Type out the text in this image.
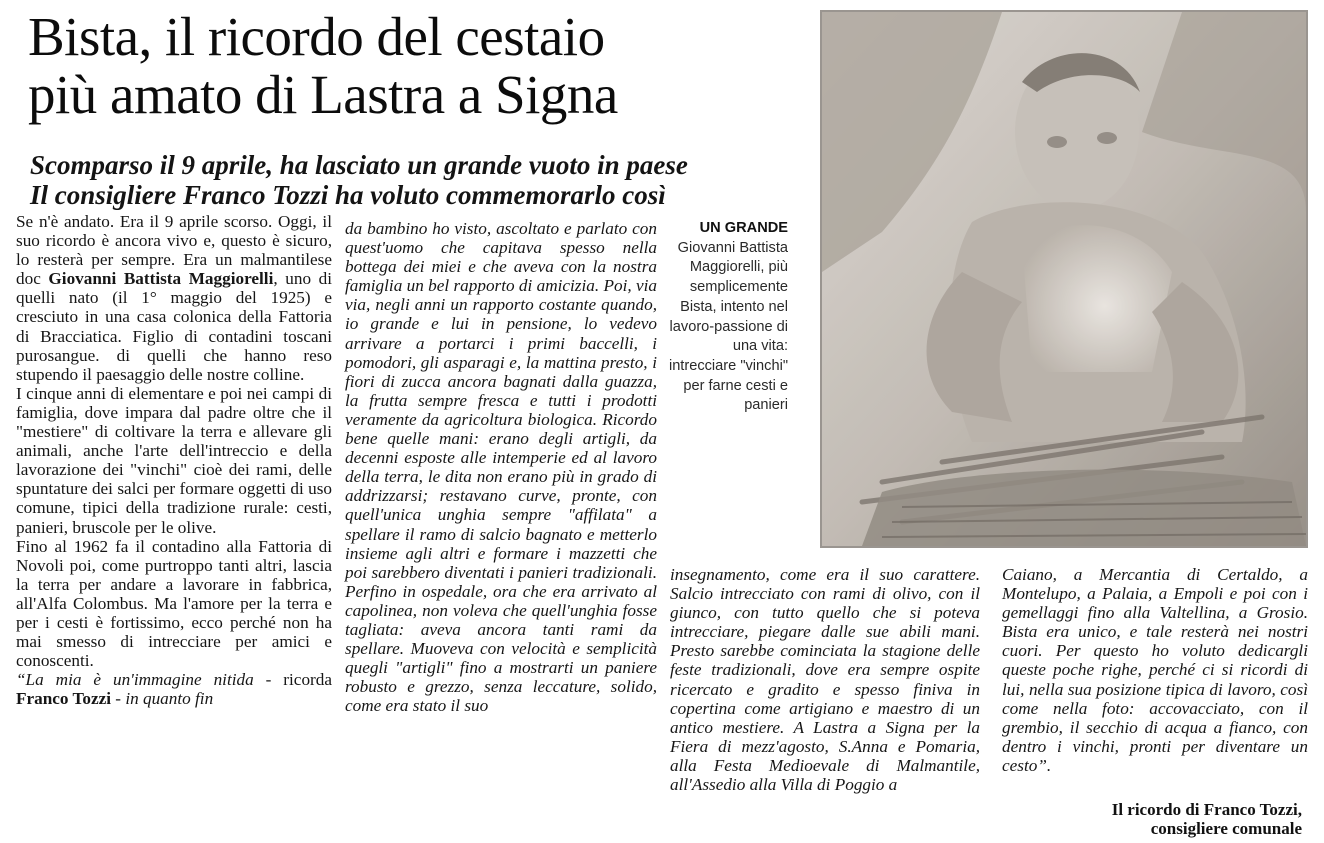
Bista, il ricordo del cestaio
più amato di Lastra a Signa
Scomparso il 9 aprile, ha lasciato un grande vuoto in paese
Il consigliere Franco Tozzi ha voluto commemorarlo così

Se n'è andato. Era il 9 aprile scorso. Oggi, il suo ricordo è ancora vivo e, questo è sicuro, lo resterà per sempre. Era un malmantilese doc Giovanni Battista Maggiorelli, uno di quelli nato (il 1° maggio del 1925) e cresciuto in una casa colonica della Fattoria di Bracciatica. Figlio di contadini toscani purosangue. di quelli che hanno reso stupendo il paesaggio delle nostre colline.

I cinque anni di elementare e poi nei campi di famiglia, dove impara dal padre oltre che il "mestiere" di coltivare la terra e allevare gli animali, anche l'arte dell'intreccio e della lavorazione dei "vinchi" cioè dei rami, delle spuntature dei salci per formare oggetti di uso comune, tipici della tradizione rurale: cesti, panieri, bruscole per le olive.

Fino al 1962 fa il contadino alla Fattoria di Novoli poi, come purtroppo tanti altri, lascia la terra per andare a lavorare in fabbrica, all'Alfa Colombus. Ma l'amore per la terra e per i cesti è fortissimo, ecco perché non ha mai smesso di intrecciare per amici e conoscenti.

“La mia è un'immagine nitida - ricorda Franco Tozzi - in quanto fin

da bambino ho visto, ascoltato e parlato con quest'uomo che capitava spesso nella bottega dei miei e che aveva con la nostra famiglia un bel rapporto di amicizia. Poi, via via, negli anni un rapporto costante quando, io grande e lui in pensione, lo vedevo arrivare a portarci i primi baccelli, i pomodori, gli asparagi e, la mattina presto, i fiori di zucca ancora bagnati dalla guazza, la frutta sempre fresca e tutti i prodotti veramente da agricoltura biologica. Ricordo bene quelle mani: erano degli artigli, da decenni esposte alle intemperie ed al lavoro della terra, le dita non erano più in grado di addrizzarsi; restavano curve, pronte, con quell'unica unghia sempre "affilata" a spellare il ramo di salcio bagnato e metterlo insieme agli altri e formare i mazzetti che poi sarebbero diventati i panieri tradizionali. Perfino in ospedale, ora che era arrivato al capolinea, non voleva che quell'unghia fosse tagliata: aveva ancora tanti rami da spellare. Muoveva con velocità e semplicità quegli "artigli" fino a mostrarti un paniere robusto e grezzo, senza leccature, solido, come era stato il suo

UN GRANDE
Giovanni Battista Maggiorelli, più semplicemente Bista, intento nel lavoro-passione di una vita: intrecciare "vinchi" per farne cesti e panieri

insegnamento, come era il suo carattere. Salcio intrecciato con rami di olivo, con il giunco, con tutto quello che si poteva intrecciare, piegare dalle sue abili mani. Presto sarebbe cominciata la stagione delle feste tradizionali, dove era sempre ospite ricercato e gradito e spesso finiva in copertina come artigiano e maestro di un antico mestiere. A Lastra a Signa per la Fiera di mezz'agosto, S.Anna e Pomaria, alla Festa Medioevale di Malmantile, all'Assedio alla Villa di Poggio a

Caiano, a Mercantia di Certaldo, a Montelupo, a Palaia, a Empoli e poi con i gemellaggi fino alla Valtellina, a Grosio. Bista era unico, e tale resterà nei nostri cuori. Per questo ho voluto dedicargli queste poche righe, perché ci si ricordi di lui, nella sua posizione tipica di lavoro, così come nella foto: accovacciato, con il grembio, il secchio di acqua a fianco, con dentro i vinchi, pronti per diventare un cesto”.

Il ricordo di Franco Tozzi,
consigliere comunale
